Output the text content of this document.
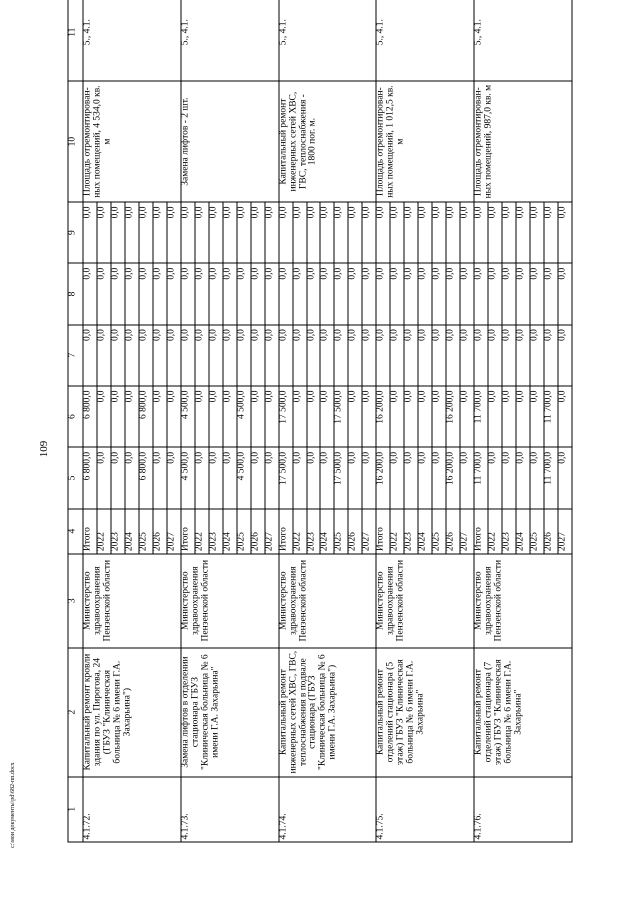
109
c:\мои документы\pd\682-пп.docx	1	2	3	4	5	6	7	8	9	10	11
4.1.72.	Капитальный ремонт кровли здания по ул. Пирогова, 24 (ГБУЗ "Клиническая больница № 6 имени Г.А. Захарьина")	Министерство здравоохранения Пензенской области	Итого	6 800,0	6 800,0	0,0	0,0	0,0	Площадь отремонтирован-ных помещений, 4 534,0 кв. м	5., 4.1.
			2022	0,0	0,0	0,0	0,0	0,0		
			2023	0,0	0,0	0,0	0,0	0,0		
			2024	0,0	0,0	0,0	0,0	0,0		
			2025	6 800,0	6 800,0	0,0	0,0	0,0		
			2026	0,0	0,0	0,0	0,0	0,0		
			2027	0,0	0,0	0,0	0,0	0,0		
4.1.73.	Замена лифтов в отделении стационара ГБУЗ "Клиническая больница № 6 имени Г.А. Захарьина"	Министерство здравоохранения Пензенской области	Итого	4 500,0	4 500,0	0,0	0,0	0,0	Замена лифтов - 2 шт.	5., 4.1.
			2022	0,0	0,0	0,0	0,0	0,0		
			2023	0,0	0,0	0,0	0,0	0,0		
			2024	0,0	0,0	0,0	0,0	0,0		
			2025	4 500,0	4 500,0	0,0	0,0	0,0		
			2026	0,0	0,0	0,0	0,0	0,0		
			2027	0,0	0,0	0,0	0,0	0,0		
4.1.74.	Капитальный ремонт инженерных сетей ХВС, ГВС, теплоснабжения в подвале стационара (ГБУЗ "Клиническая больница № 6 имени Г.А. Захарьина")	Министерство здравоохранения Пензенской области	Итого	17 500,0	17 500,0	0,0	0,0	0,0	Капитальный ремонт инженерных сетей ХВС, ГВС, теплоснабжения - 1800 пог. м.	5., 4.1.
			2022	0,0	0,0	0,0	0,0	0,0		
			2023	0,0	0,0	0,0	0,0	0,0		
			2024	0,0	0,0	0,0	0,0	0,0		
			2025	17 500,0	17 500,0	0,0	0,0	0,0		
			2026	0,0	0,0	0,0	0,0	0,0		
			2027	0,0	0,0	0,0	0,0	0,0		
4.1.75.	Капитальный ремонт отделений стационара (5 этаж) ГБУЗ "Клиническая больница № 6 имени Г.А. Захарьина"	Министерство здравоохранения Пензенской области	Итого	16 200,0	16 200,0	0,0	0,0	0,0	Площадь отремонтирован-ных помещений, 1 012,5 кв. м	5., 4.1.
			2022	0,0	0,0	0,0	0,0	0,0		
			2023	0,0	0,0	0,0	0,0	0,0		
			2024	0,0	0,0	0,0	0,0	0,0		
			2025	0,0	0,0	0,0	0,0	0,0		
			2026	16 200,0	16 200,0	0,0	0,0	0,0		
			2027	0,0	0,0	0,0	0,0	0,0		
4.1.76.	Капитальный ремонт отделений стационара (7 этаж) ГБУЗ "Клиническая больница № 6 имени Г.А. Захарьина"	Министерство здравоохранения Пензенской области	Итого	11 700,0	11 700,0	0,0	0,0	0,0	Площадь отремонтирован-ных помещений, 987,0 кв. м	5., 4.1.
			2022	0,0	0,0	0,0	0,0	0,0		
			2023	0,0	0,0	0,0	0,0	0,0		
			2024	0,0	0,0	0,0	0,0	0,0		
			2025	0,0	0,0	0,0	0,0	0,0		
			2026	11 700,0	11 700,0	0,0	0,0	0,0		
			2027	0,0	0,0	0,0	0,0	0,0		
